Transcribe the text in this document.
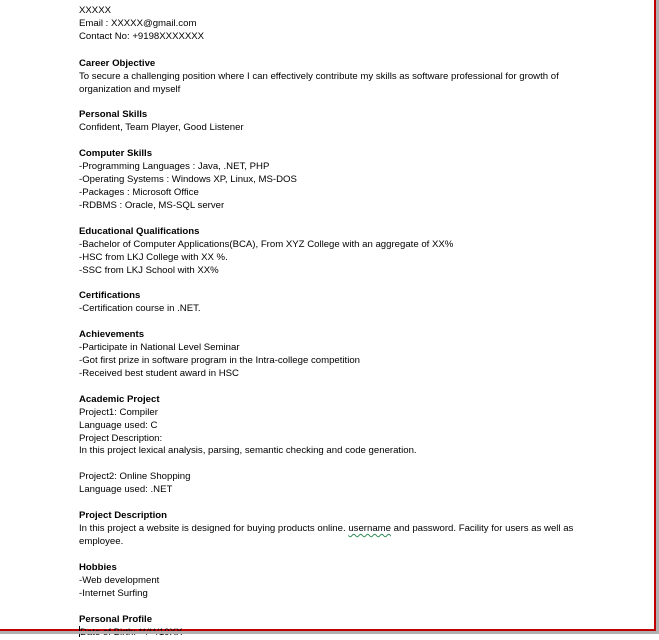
XXXXX
Email : XXXXX@gmail.com
Contact No: +9198XXXXXXX
Career Objective
To secure a challenging position where I can effectively contribute my skills as software professional for growth of organization and myself
Personal Skills
Confident, Team Player, Good Listener
Computer Skills
-Programming Languages : Java, .NET, PHP
-Operating Systems : Windows XP, Linux, MS-DOS
-Packages : Microsoft Office
-RDBMS : Oracle, MS-SQL server
Educational Qualifications
-Bachelor of Computer Applications(BCA), From XYZ College with an aggregate of XX%
-HSC from LKJ College with XX %.
-SSC from LKJ School with XX%
Certifications
-Certification course in .NET.
Achievements
-Participate in National Level Seminar
-Got first prize in software program in the Intra-college competition
-Received best student award in HSC
Academic Project
Project1: Compiler
Language used: C
Project Description:
In this project lexical analysis, parsing, semantic checking and code generation.
Project2: Online Shopping
Language used: .NET
Project Description
In this project a website is designed for buying products online. username and password. Facility for users as well as employee.
Hobbies
-Web development
-Internet Surfing
Personal Profile
